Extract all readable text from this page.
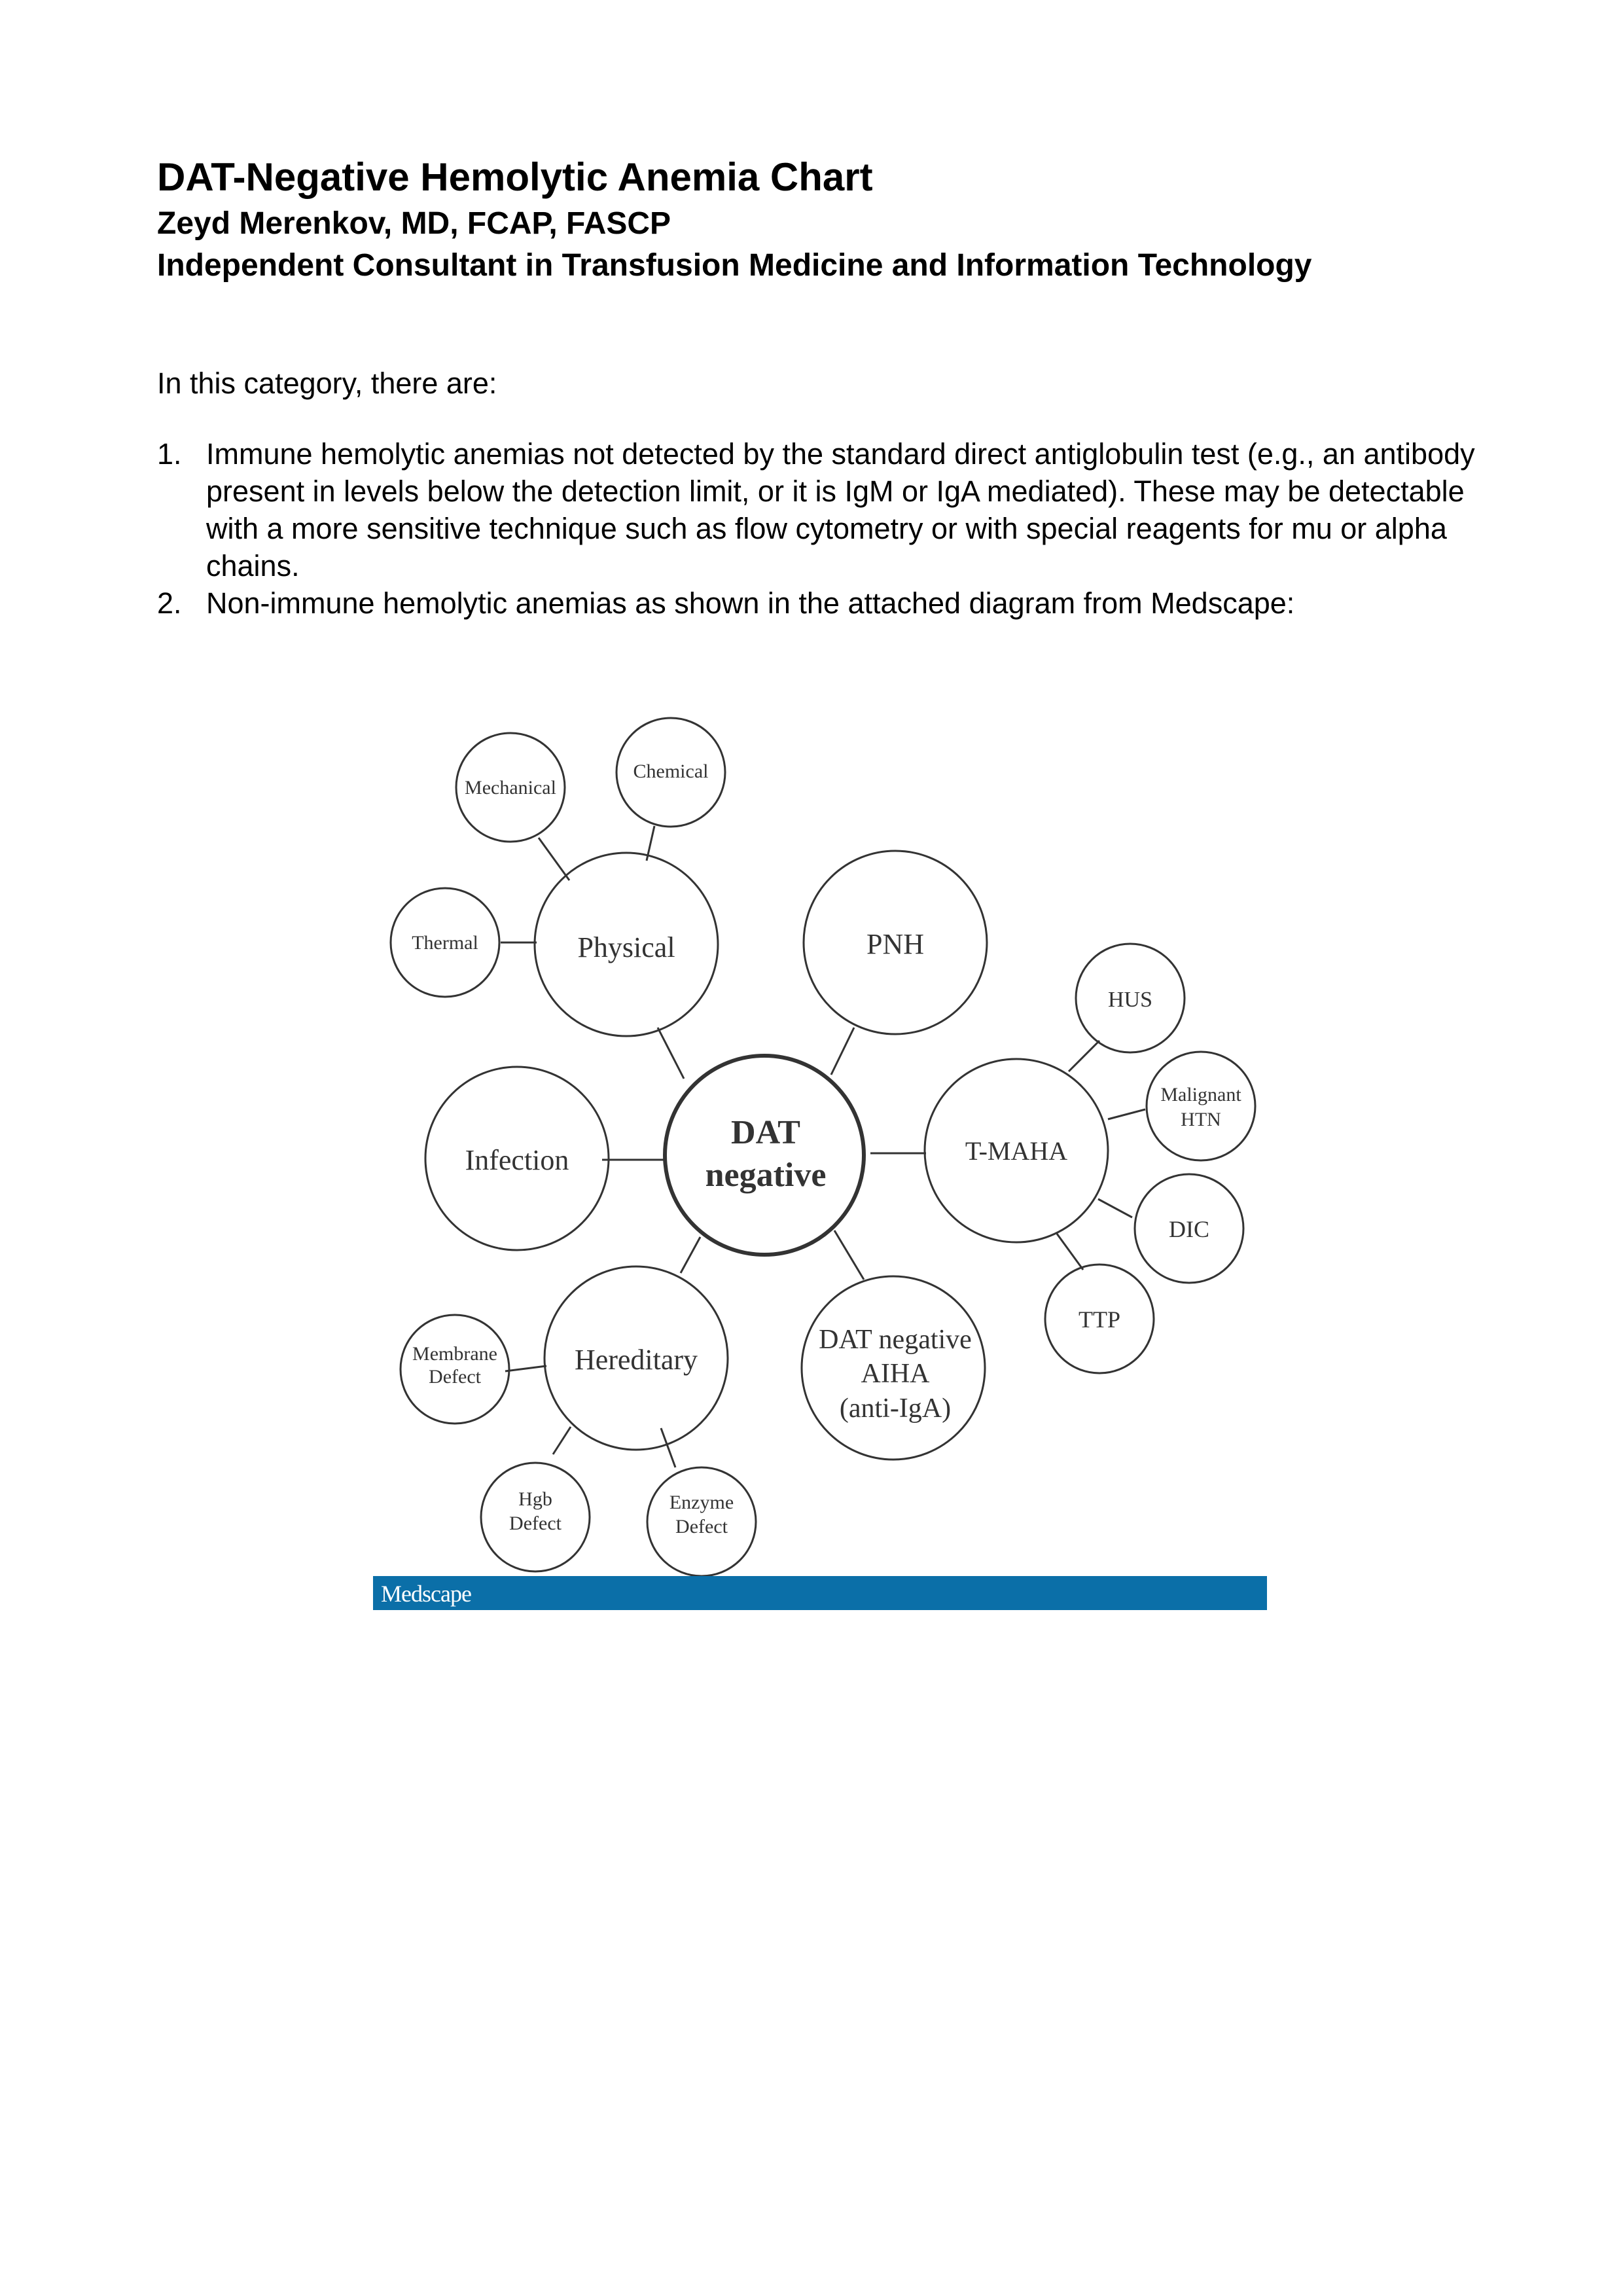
DAT-Negative Hemolytic Anemia Chart
Zeyd Merenkov, MD, FCAP, FASCP
Independent Consultant in Transfusion Medicine and Information Technology

In this category, there are:

1. Immune hemolytic anemias not detected by the standard direct antiglobulin test (e.g., an antibody present in levels below the detection limit, or it is IgM or IgA mediated). These may be detectable with a more sensitive technique such as flow cytometry or with special reagents for mu or alpha chains.
2. Non-immune hemolytic anemias as shown in the attached diagram from Medscape:
DAT
negative
Physical	PNH
Infection	T-MAHA
Hereditary
DAT negative
AIHA
(anti-IgA)
Mechanical
Chemical
Thermal
HUS
Malignant
HTN
DIC
TTP
Membrane
Defect
Hgb
Defect
Enzyme
Defect
Medscape
